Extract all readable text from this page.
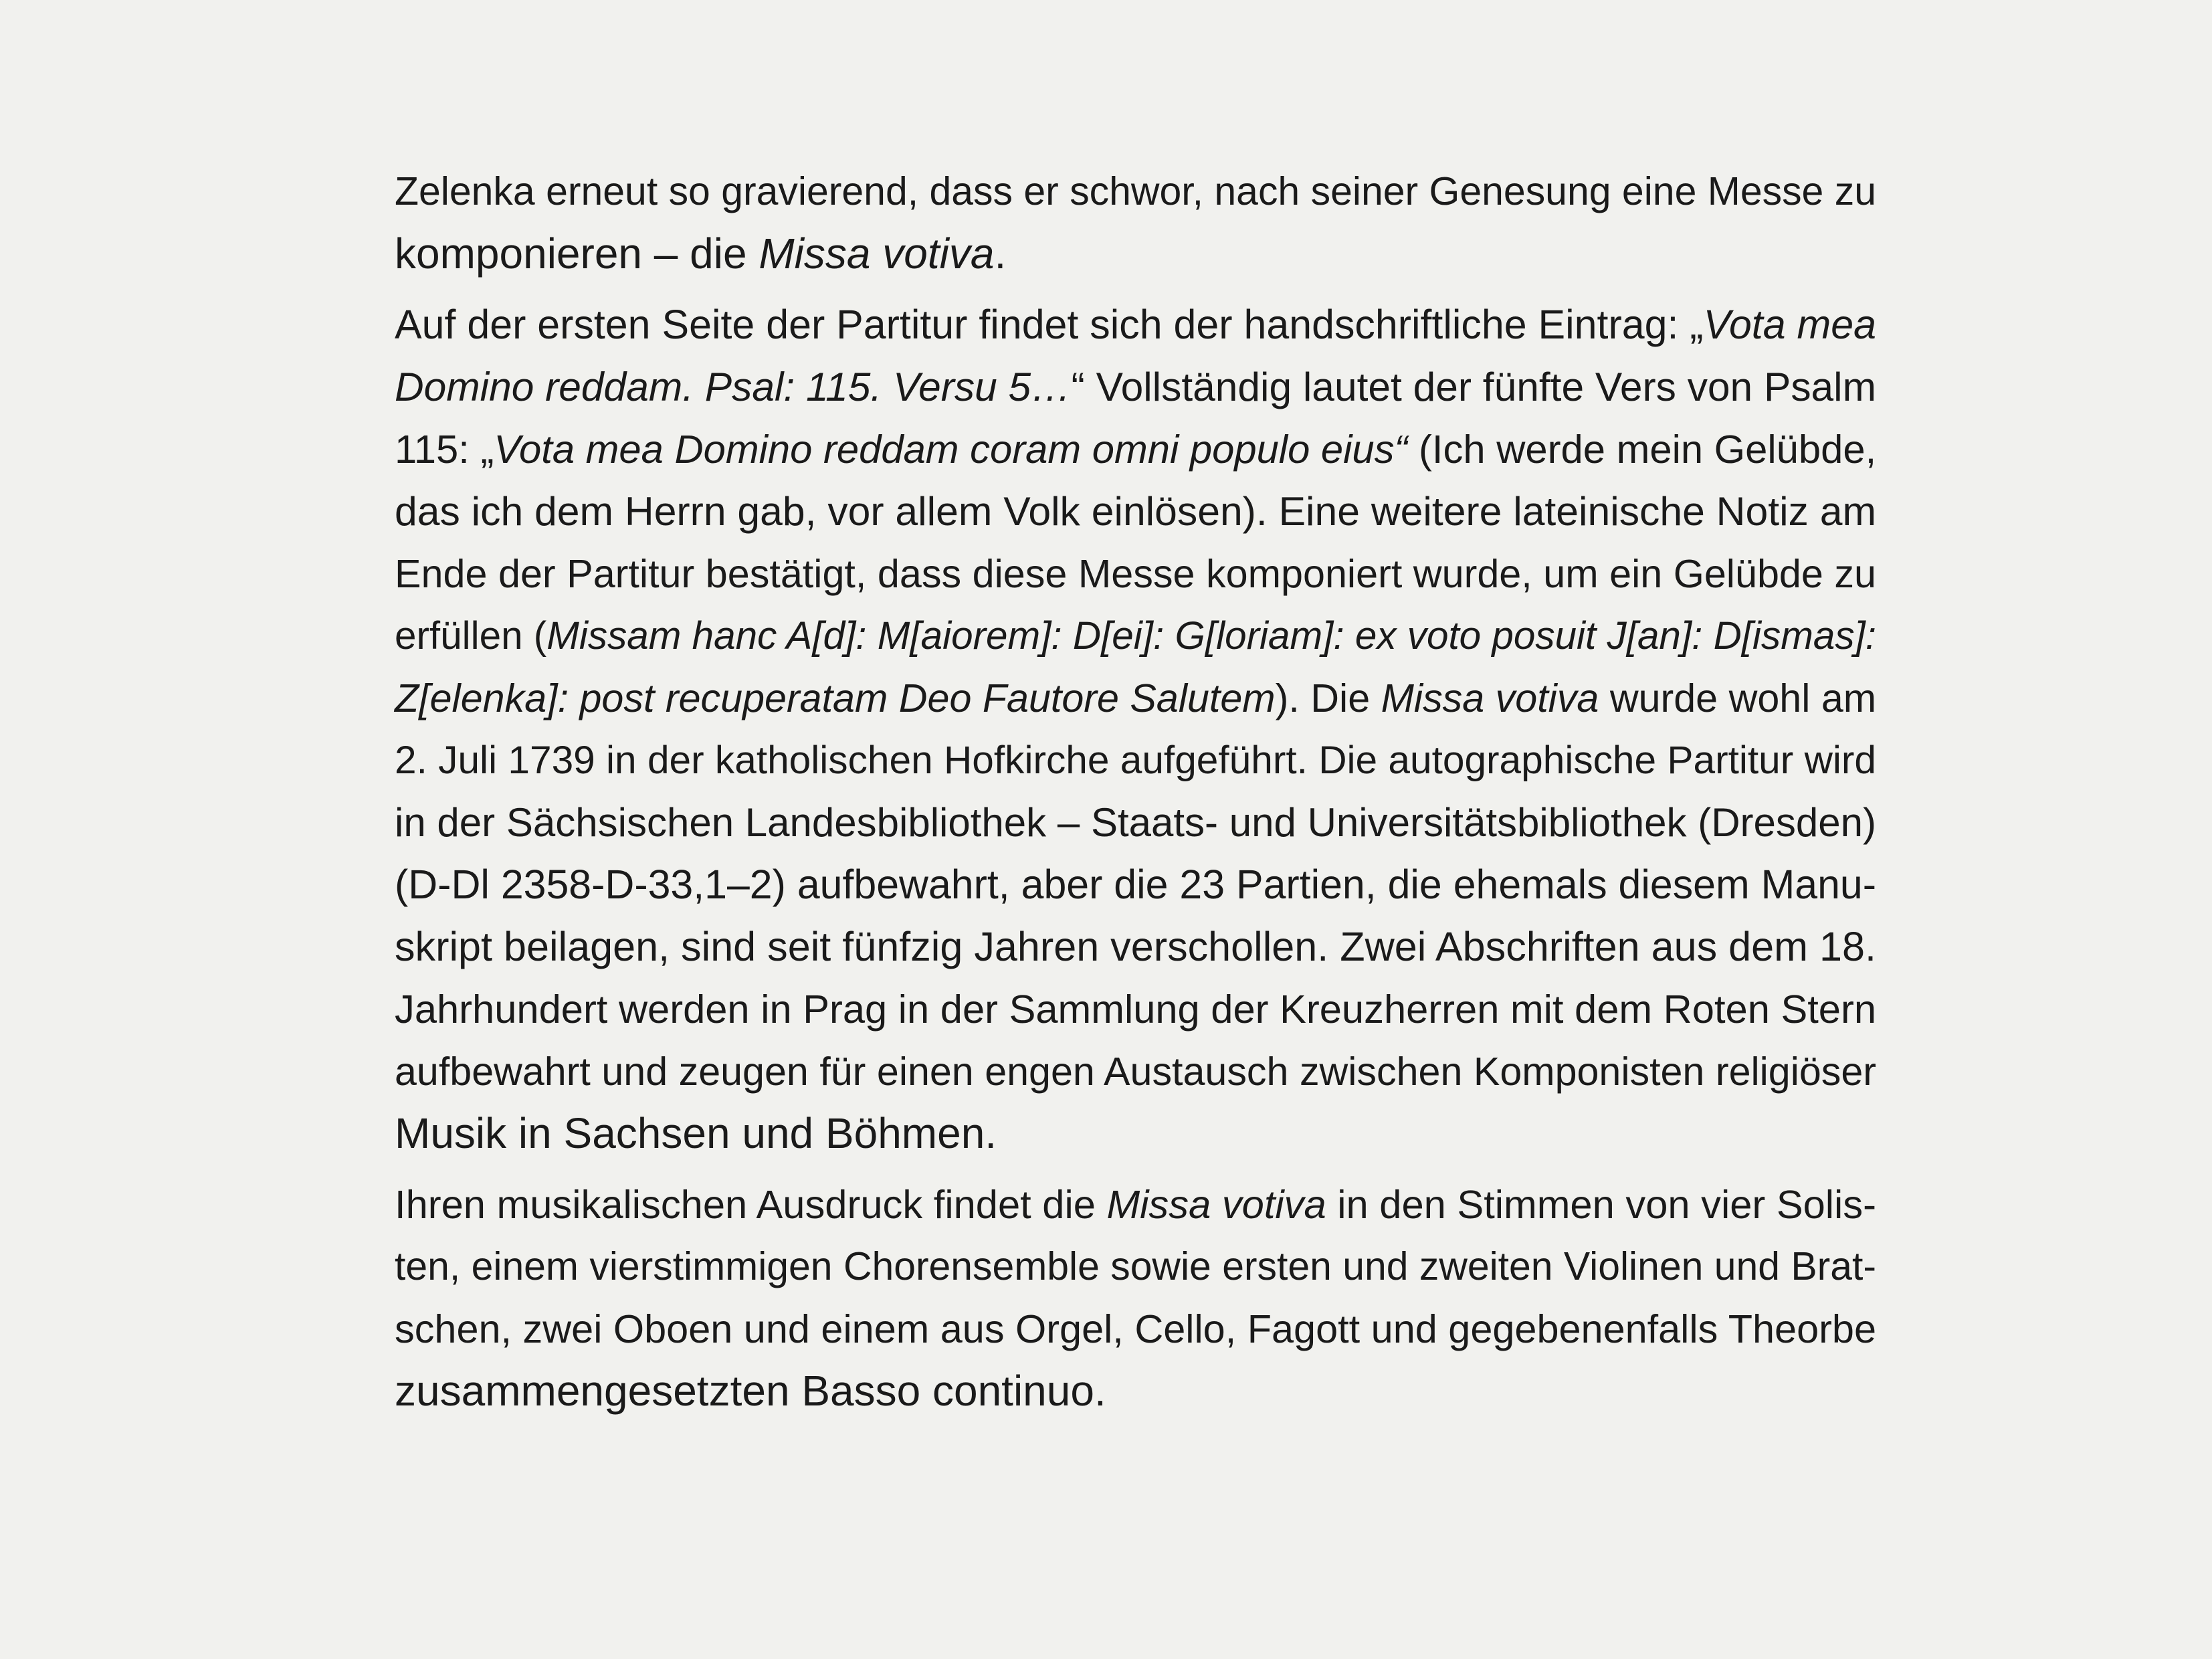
Zelenka erneut so gravierend, dass er schwor, nach seiner Genesung eine Messe zu
komponieren – die Missa votiva.
Auf der ersten Seite der Partitur findet sich der handschriftliche Eintrag: „Vota mea
Domino reddam. Psal: 115. Versu 5…“ Vollständig lautet der fünfte Vers von Psalm
115: „Vota mea Domino reddam coram omni populo eius“ (Ich werde mein Gelübde,
das ich dem Herrn gab, vor allem Volk einlösen). Eine weitere lateinische Notiz am
Ende der Partitur bestätigt, dass diese Messe komponiert wurde, um ein Gelübde zu
erfüllen (Missam hanc A[d]: M[aiorem]: D[ei]: G[loriam]: ex voto posuit J[an]: D[ismas]:
Z[elenka]: post recuperatam Deo Fautore Salutem). Die Missa votiva wurde wohl am
2. Juli 1739 in der katholischen Hofkirche aufgeführt. Die autographische Partitur wird
in der Sächsischen Landesbibliothek – Staats- und Universitätsbibliothek (Dresden)
(D-Dl 2358-D-33,1–2) aufbewahrt, aber die 23 Partien, die ehemals diesem Manu-
skript beilagen, sind seit fünfzig Jahren verschollen. Zwei Abschriften aus dem 18.
Jahrhundert werden in Prag in der Sammlung der Kreuzherren mit dem Roten Stern
aufbewahrt und zeugen für einen engen Austausch zwischen Komponisten religiöser
Musik in Sachsen und Böhmen.
Ihren musikalischen Ausdruck findet die Missa votiva in den Stimmen von vier Solis-
ten, einem vierstimmigen Chorensemble sowie ersten und zweiten Violinen und Brat-
schen, zwei Oboen und einem aus Orgel, Cello, Fagott und gegebenenfalls Theorbe
zusammengesetzten Basso continuo.
